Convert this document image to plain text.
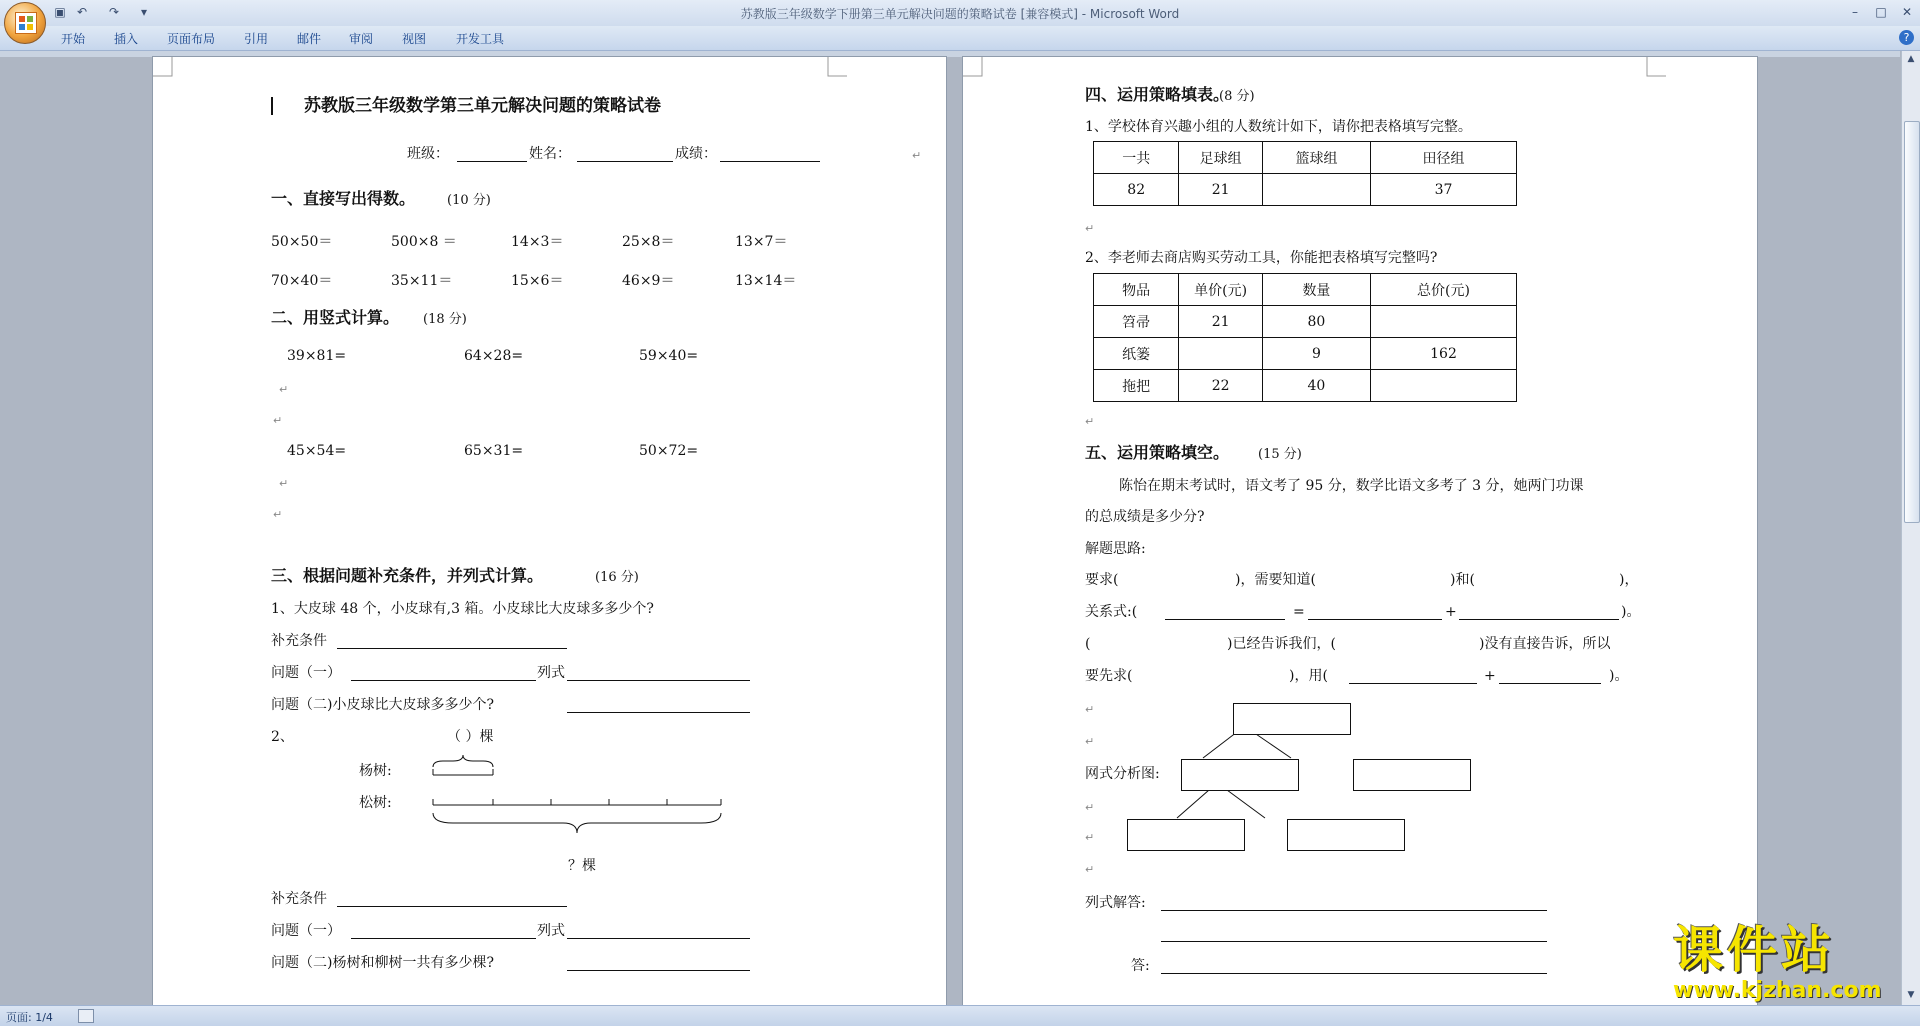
▣ ↶ ↷	▾	苏教版三年级数学下册第三单元解决问题的策略试卷 [兼容模式] - Microsoft Word	–	□	✕
开始 插入 页面布局 引用 邮件 审阅 视图 开发工具	?
苏教版三年级数学第三单元解决问题的策略试卷
班级：	姓名：	成绩：	↵
一、直接写出得数。 (10 分)
50×50＝	500×8 ＝	14×3＝	25×8＝	13×7＝
70×40＝	35×11＝	15×6＝	46×9＝	13×14＝
二、用竖式计算。 (18 分)
39×81=	64×28=	59×40=
↵
↵
45×54=	65×31=	50×72=
↵
↵
三、根据问题补充条件，并列式计算。	(16 分)
1、大皮球 48 个，小皮球有,3 箱。小皮球比大皮球多多少个?
补充条件
问题（一）	列式
问题（二)小皮球比大皮球多多少个?
2、	（ ）棵
杨树:
松树:
？棵
补充条件
问题（一）	列式
问题（二)杨树和柳树一共有多少棵?
四、运用策略填表。
(8 分)
1、学校体育兴趣小组的人数统计如下，请你把表格填写完整。
一共	足球组	篮球组	田径组
82	21		37
↵
2、李老师去商店购买劳动工具，你能把表格填写完整吗?
物品	单价(元)	数量	总价(元)
笤帚	21	80	
纸篓		9	162
拖把	22	40	
↵
五、运用策略填空。 (15 分)
陈怡在期末考试时，语文考了 95 分，数学比语文多考了 3 分，她两门功课
的总成绩是多少分?
解题思路:
要求(	)，需要知道(	)和(	)，
关系式:(	=	+	)。
(	)已经告诉我们，(	)没有直接告诉，所以
要先求(	)，用(	+	)。
↵
↵
网式分析图:
↵
↵
↵
列式解答:
答:
▲
▼
页面: 1/4
课件站
www.kjzhan.com
